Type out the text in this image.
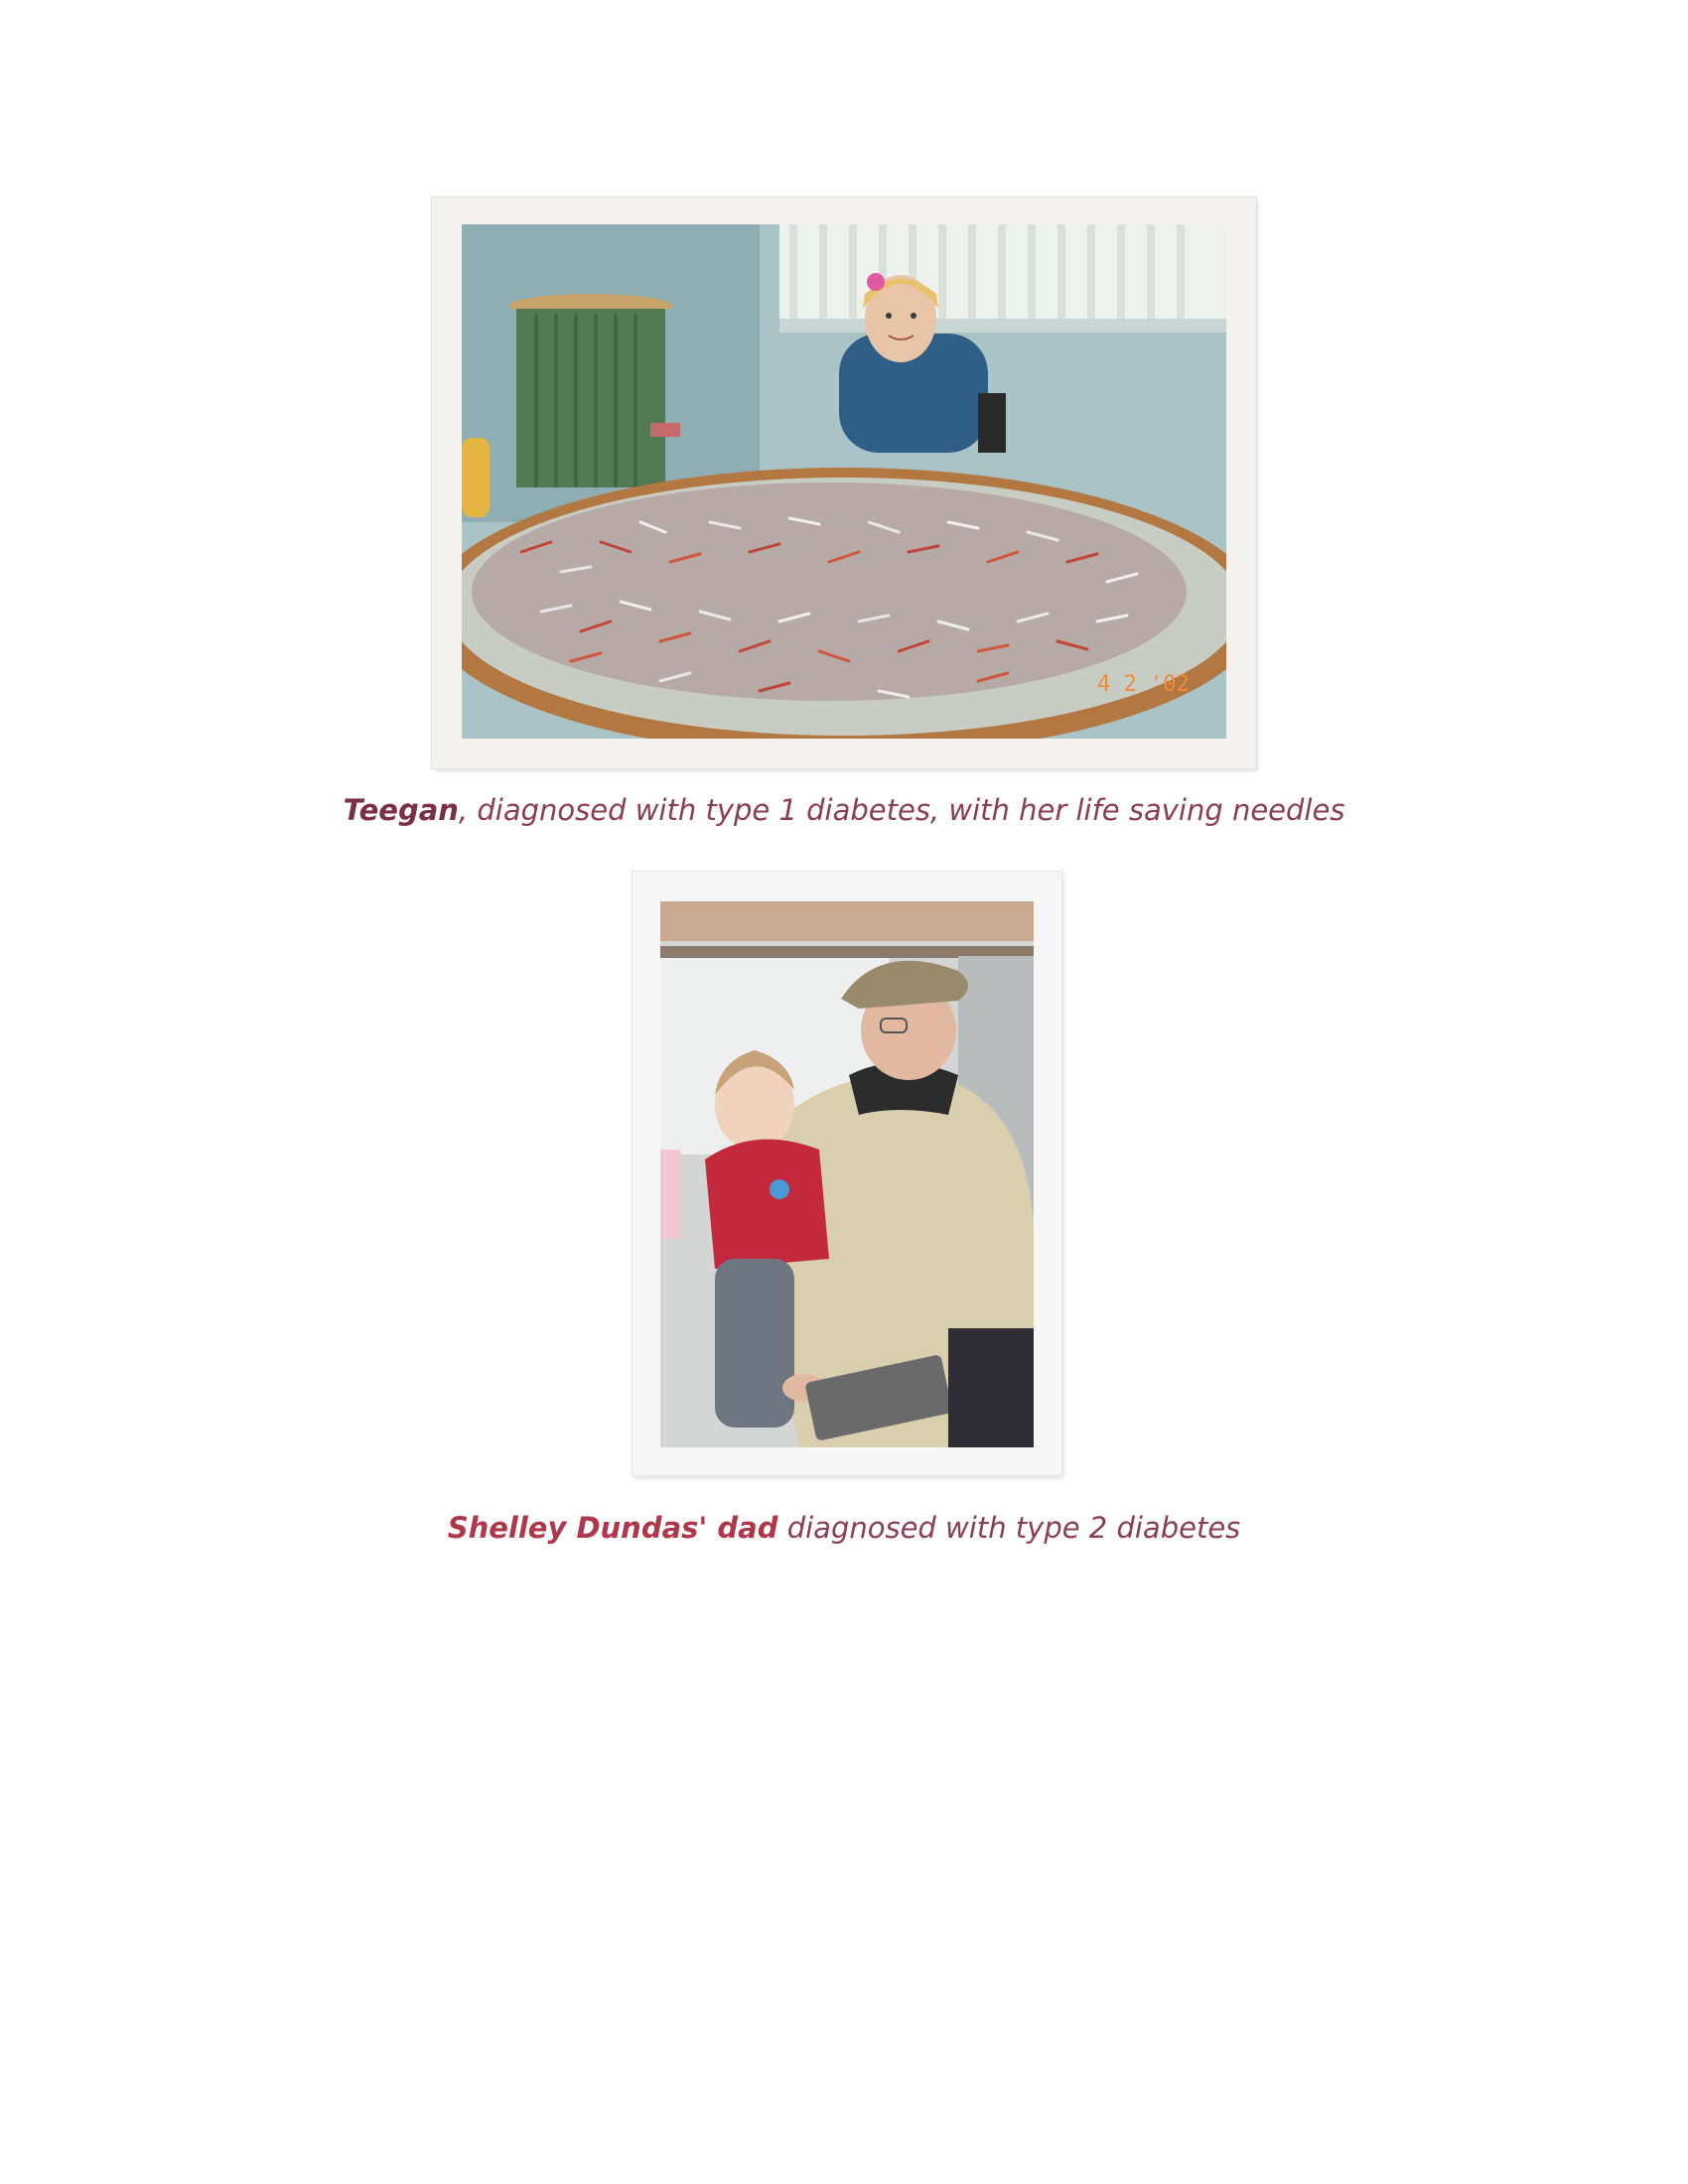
4 2 '02
Teegan, diagnosed with type 1 diabetes, with her life saving needles
Shelley Dundas' dad diagnosed with type 2 diabetes
